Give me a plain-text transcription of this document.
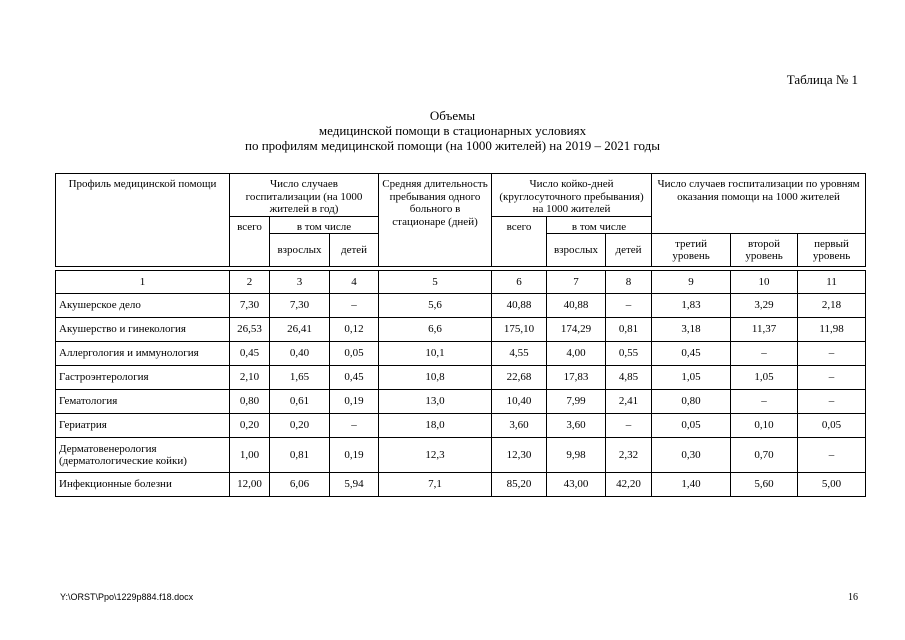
Таблица № 1
Объемы
медицинской помощи в стационарных условиях
по профилям медицинской помощи (на 1000 жителей) на 2019 – 2021 годы
Профиль медицинской помощи	Число случаев госпитализации (на 1000 жителей в год)			Средняя длительность пребывания одного больного в стационаре (дней)	Число койко-дней (круглосуточного пребывания) на 1000 жителей			Число случаев госпитализации по уровням оказания помощи на 1000 жителей		
	всего	в том числе			всего	в том числе				
		взрослых	детей			взрослых	детей	третий уровень	второй уровень	первый уровень

1	2	3	4	5	6	7	8	9	10	11
Акушерское дело	7,30	7,30	–	5,6	40,88	40,88	–	1,83	3,29	2,18
Акушерство и гинекология	26,53	26,41	0,12	6,6	175,10	174,29	0,81	3,18	11,37	11,98
Аллергология и иммунология	0,45	0,40	0,05	10,1	4,55	4,00	0,55	0,45	–	–
Гастроэнтерология	2,10	1,65	0,45	10,8	22,68	17,83	4,85	1,05	1,05	–
Гематология	0,80	0,61	0,19	13,0	10,40	7,99	2,41	0,80	–	–
Гериатрия	0,20	0,20	–	18,0	3,60	3,60	–	0,05	0,10	0,05
Дерматовенерология (дерматологические койки)	1,00	0,81	0,19	12,3	12,30	9,98	2,32	0,30	0,70	–
Инфекционные болезни	12,00	6,06	5,94	7,1	85,20	43,00	42,20	1,40	5,60	5,00
Y:\ORST\Ppo\1229p884.f18.docx	16
